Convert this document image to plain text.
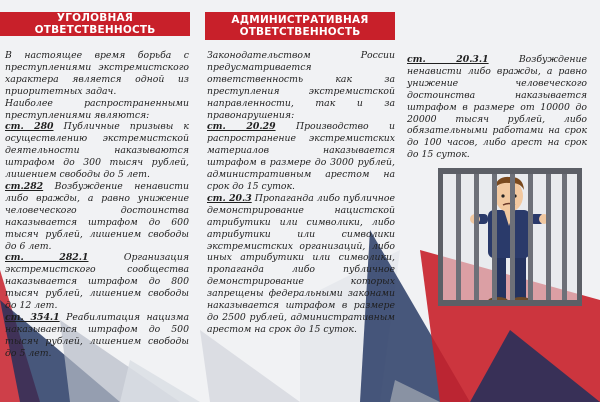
УГОЛОВНАЯ ОТВЕТСТВЕННОСТЬ
АДМИНИСТРАТИВНАЯ
ОТВЕТСТВЕННОСТЬ

В настоящее время борьба с преступлениями экстремистского характера является одной из приоритетных задач.

Наиболее распространенными преступлениями являются:

ст. 280 Публичные призывы к осуществлению экстремистской деятельности наказываются штрафом до 300 тысяч рублей, лишением свободы до 5 лет.

ст.282 Возбуждение ненависти либо вражды, а равно унижение человеческого достоинства наказывается штрафом до 600 тысяч рублей, лишением свободы до 6 лет.

ст. 282.1 Организация экстремистского сообщества наказывается штрафом до 800 тысяч рублей, лишением свободы до 12 лет.

ст. 354.1 Реабилитация нацизма наказывается штрафом до 500 тысяч рублей, лишением свободы до 5 лет.

Законодательством России предусматривается ответственность как за преступления экстремистской направленности, так и за правонарушения:

ст. 20.29 Производство и распространение экстремистских материалов наказывается штрафом в размере до 3000 рублей, административным арестом на срок до 15 суток.

ст. 20.3 Пропаганда либо публичное демонстрирование нацистской атрибутики или символики, либо атрибутики или символики экстремистских организаций, либо иных атрибутики или символики, пропаганда либо публичное демонстрирование которых запрещены федеральными законами наказывается штрафом в размере до 2500 рублей, административным арестом на срок до 15 суток.

ст. 20.3.1 Возбуждение ненависти либо вражды, а равно унижение человеческого достоинства наказывается штрафом в размере от 10000 до 20000 тысяч рублей, либо обязательными работами на срок до 100 часов, либо арест на срок до 15 суток.
